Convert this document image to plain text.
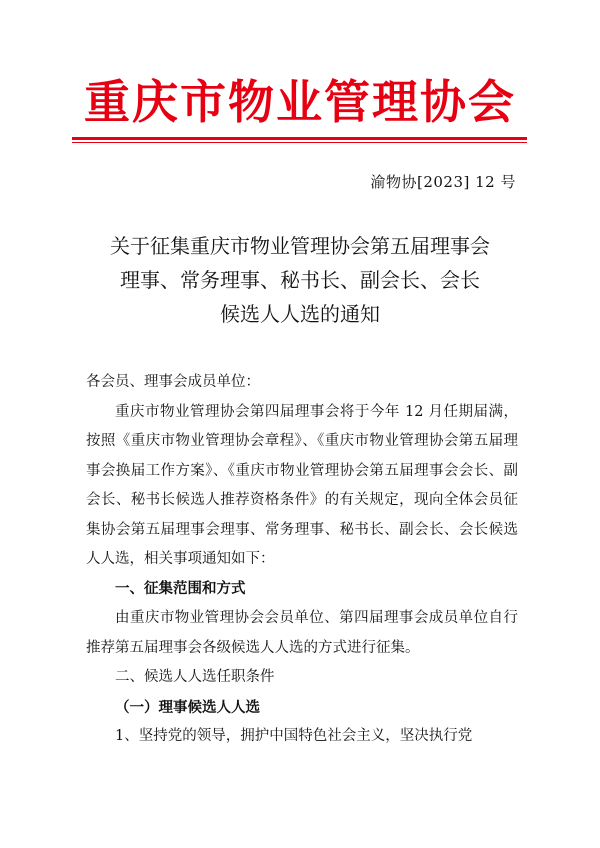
重庆市物业管理协会
渝物协[2023] 12 号
关于征集重庆市物业管理协会第五届理事会
理事、常务理事、秘书长、副会长、会长
候选人人选的通知

各会员、理事会成员单位：

重庆市物业管理协会第四届理事会将于今年 12 月任期届满，按照《重庆市物业管理协会章程》、《重庆市物业管理协会第五届理事会换届工作方案》、《重庆市物业管理协会第五届理事会会长、副会长、秘书长候选人推荐资格条件》的有关规定，现向全体会员征集协会第五届理事会理事、常务理事、秘书长、副会长、会长候选人人选，相关事项通知如下：

一、征集范围和方式

由重庆市物业管理协会会员单位、第四届理事会成员单位自行推荐第五届理事会各级候选人人选的方式进行征集。

二、候选人人选任职条件

（一）理事候选人人选

1、坚持党的领导，拥护中国特色社会主义，坚决执行党
